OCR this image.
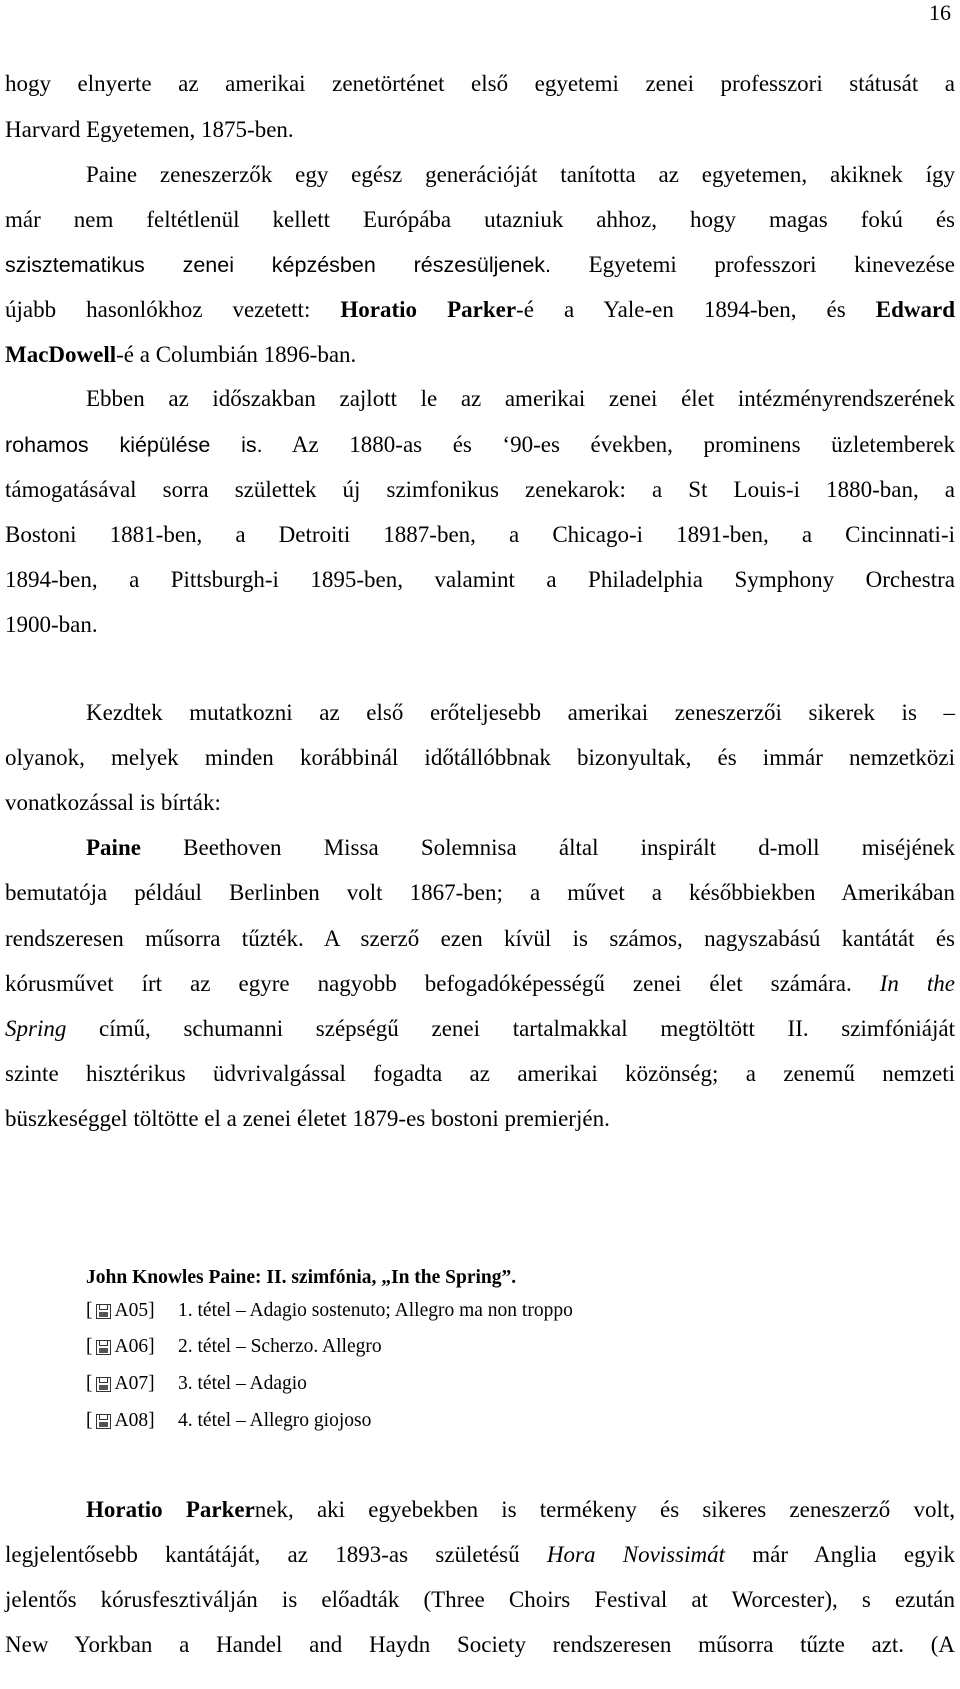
16
hogy elnyerte az amerikai zenetörténet első egyetemi zenei professzori státusát a
Harvard Egyetemen, 1875-ben.
Paine zeneszerzők egy egész generációját tanította az egyetemen, akiknek így
már nem feltétlenül kellett Európába utazniuk ahhoz, hogy magas fokú és
szisztematikus zenei képzésben részesüljenek. Egyetemi professzori kinevezése
újabb hasonlókhoz vezetett: Horatio Parker-é a Yale-en 1894-ben, és Edward
MacDowell-é a Columbián 1896-ban.
Ebben az időszakban zajlott le az amerikai zenei élet intézményrendszerének
rohamos kiépülése is. Az 1880-as és ‘90-es években, prominens üzletemberek
támogatásával sorra születtek új szimfonikus zenekarok: a St Louis-i 1880-ban, a
Bostoni 1881-ben, a Detroiti 1887-ben, a Chicago-i 1891-ben, a Cincinnati-i
1894-ben, a Pittsburgh-i 1895-ben, valamint a Philadelphia Symphony Orchestra
1900-ban.
Kezdtek mutatkozni az első erőteljesebb amerikai zeneszerzői sikerek is –
olyanok, melyek minden korábbinál időtállóbbnak bizonyultak, és immár nemzetközi
vonatkozással is bírták:
Paine Beethoven Missa Solemnisa által inspirált d-moll miséjének
bemutatója például Berlinben volt 1867-ben; a művet a későbbiekben Amerikában
rendszeresen műsorra tűzték. A szerző ezen kívül is számos, nagyszabású kantátát és
kórusművet írt az egyre nagyobb befogadóképességű zenei élet számára. In the
Spring című, schumanni szépségű zenei tartalmakkal megtöltött II. szimfóniáját
szinte hisztérikus üdvrivalgással fogadta az amerikai közönség; a zenemű nemzeti
büszkeséggel töltötte el a zenei életet 1879-es bostoni premierjén.
John Knowles Paine: II. szimfónia, „In the Spring”.
[ A05] 1. tétel – Adagio sostenuto; Allegro ma non troppo
[ A06] 2. tétel – Scherzo. Allegro
[ A07] 3. tétel – Adagio
[ A08] 4. tétel – Allegro giojoso
Horatio Parkernek, aki egyebekben is termékeny és sikeres zeneszerző volt,
legjelentősebb kantátáját, az 1893-as születésű Hora Novissimát már Anglia egyik
jelentős kórusfesztiválján is előadták (Three Choirs Festival at Worcester), s ezután
New Yorkban a Handel and Haydn Society rendszeresen műsorra tűzte azt. (A
